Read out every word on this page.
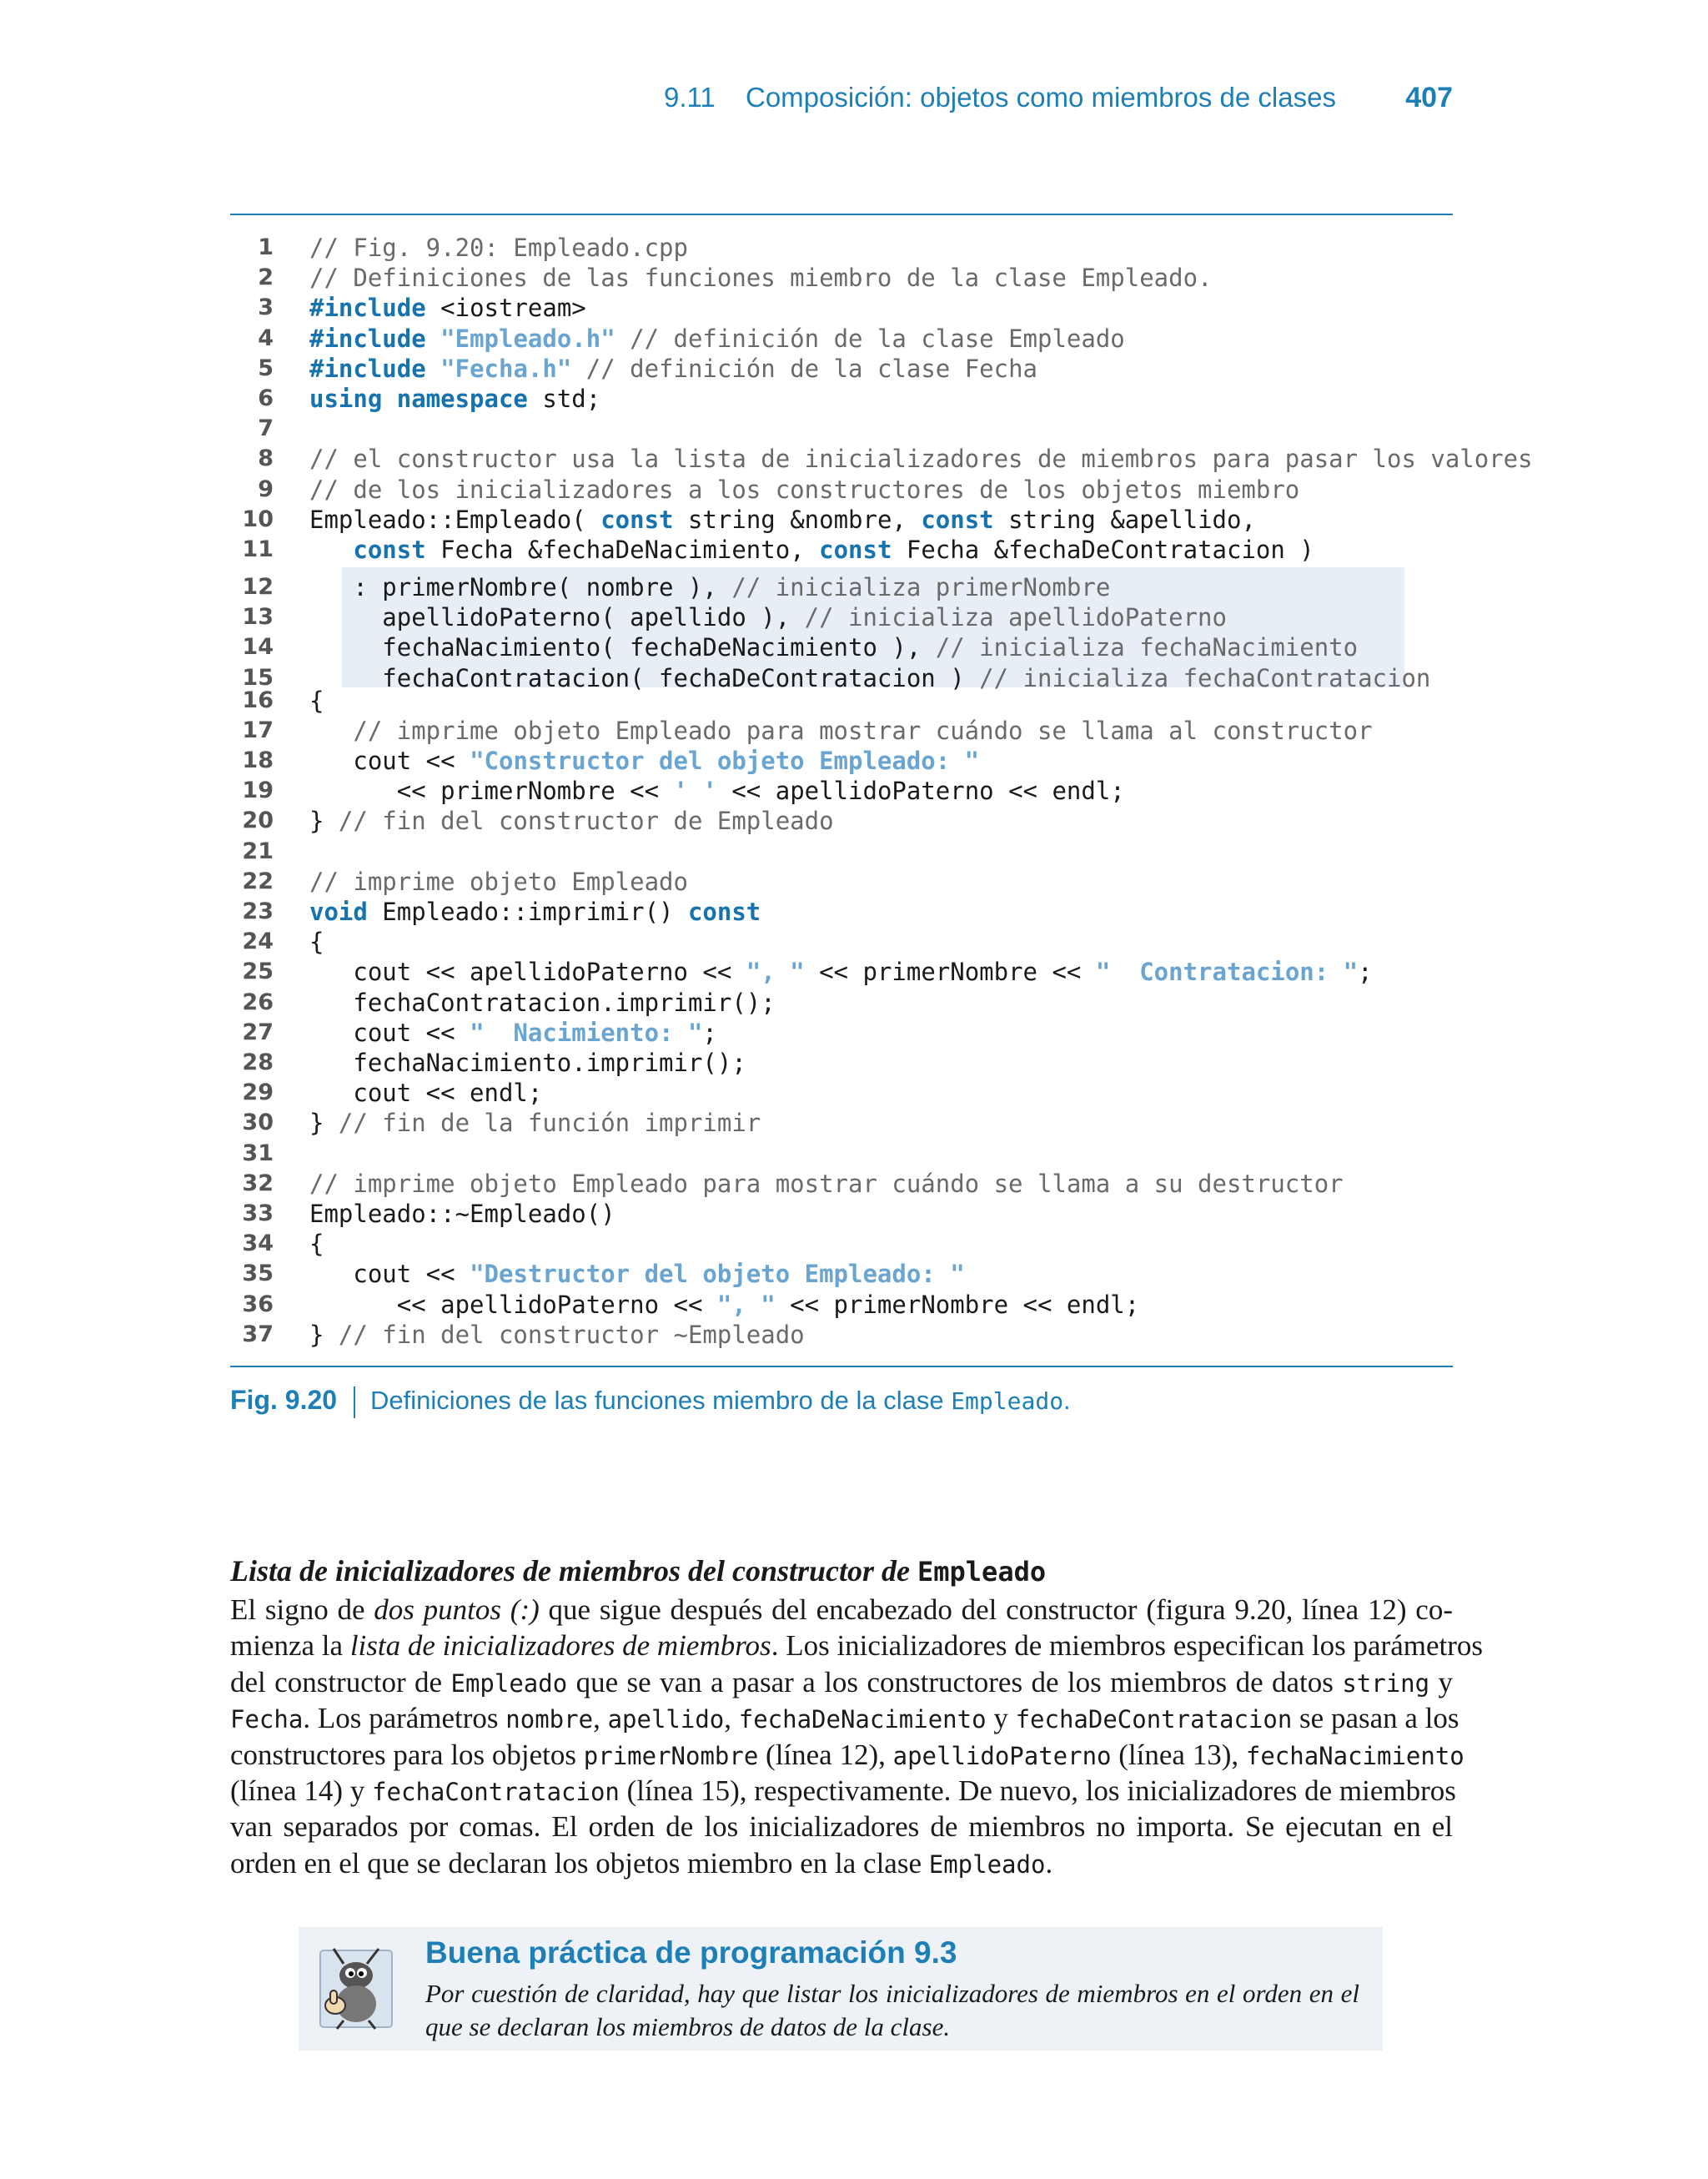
9.11 Composición: objetos como miembros de clases 407
1 // Fig. 9.20: Empleado.cpp
2 // Definiciones de las funciones miembro de la clase Empleado.
3 #include <iostream>
4 #include "Empleado.h" // definición de la clase Empleado
5 #include "Fecha.h" // definición de la clase Fecha
6 using namespace std;
7
8 // el constructor usa la lista de inicializadores de miembros para pasar los valores
9 // de los inicializadores a los constructores de los objetos miembro
10 Empleado::Empleado( const string &nombre, const string &apellido,
11	const Fecha &fechaDeNacimiento, const Fecha &fechaDeContratacion )
12 : primerNombre( nombre ), // inicializa primerNombre
13 apellidoPaterno( apellido ), // inicializa apellidoPaterno
14 fechaNacimiento( fechaDeNacimiento ), // inicializa fechaNacimiento
15 fechaContratacion( fechaDeContratacion ) // inicializa fechaContratacion
16 {
17 // imprime objeto Empleado para mostrar cuándo se llama al constructor
18 cout << "Constructor del objeto Empleado: "
19 << primerNombre << ' ' << apellidoPaterno << endl;
20 } // fin del constructor de Empleado
21
22 // imprime objeto Empleado
23 void Empleado::imprimir() const
24 {
25 cout << apellidoPaterno << ", " << primerNombre << "  Contratacion: ";
26 fechaContratacion.imprimir();
27 cout << "  Nacimiento: ";
28 fechaNacimiento.imprimir();
29 cout << endl;
30 } // fin de la función imprimir
31
32 // imprime objeto Empleado para mostrar cuándo se llama a su destructor
33 Empleado::~Empleado()
34 {
35 cout << "Destructor del objeto Empleado: "
36 << apellidoPaterno << ", " << primerNombre << endl;
37 } // fin del constructor ~Empleado
Fig. 9.20 Definiciones de las funciones miembro de la clase Empleado.
Lista de inicializadores de miembros del constructor de Empleado
El signo de dos puntos (:) que sigue después del encabezado del constructor (figura 9.20, línea 12) co-
mienza la lista de inicializadores de miembros. Los inicializadores de miembros especifican los parámetros
del constructor de Empleado que se van a pasar a los constructores de los miembros de datos string y
Fecha. Los parámetros nombre, apellido, fechaDeNacimiento y fechaDeContratacion se pasan a los
constructores para los objetos primerNombre (línea 12), apellidoPaterno (línea 13), fechaNacimiento
(línea 14) y fechaContratacion (línea 15), respectivamente. De nuevo, los inicializadores de miembros
van separados por comas. El orden de los inicializadores de miembros no importa. Se ejecutan en el
orden en el que se declaran los objetos miembro en la clase Empleado.
Buena práctica de programación 9.3
Por cuestión de claridad, hay que listar los inicializadores de miembros en el orden en el que se declaran los miembros de datos de la clase.
